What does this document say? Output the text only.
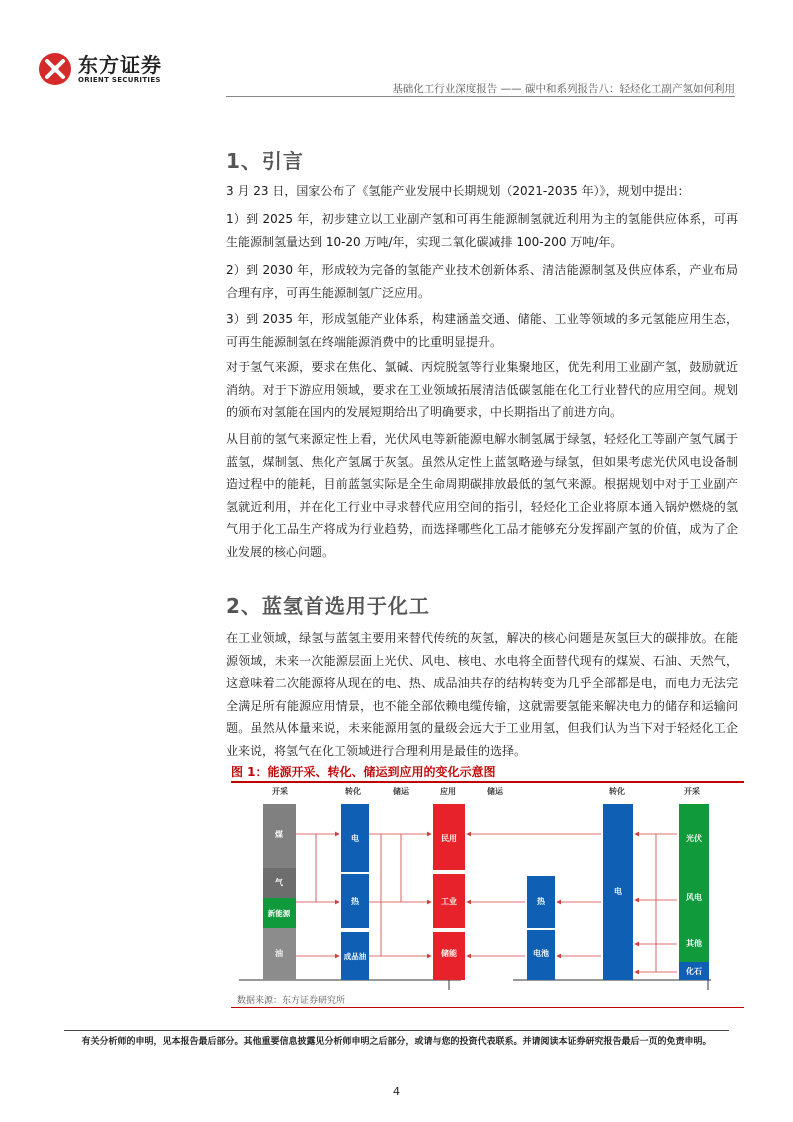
东方证券
ORIENT SECURITIES
基础化工行业深度报告 —— 碳中和系列报告八：轻烃化工副产氢如何利用
1、引言

3 月 23 日，国家公布了《氢能产业发展中长期规划（2021-2035 年）》，规划中提出：

1）到 2025 年，初步建立以工业副产氢和可再生能源制氢就近利用为主的氢能供应体系，可再生能源制氢量达到 10-20 万吨/年，实现二氧化碳减排 100-200 万吨/年。

2）到 2030 年，形成较为完备的氢能产业技术创新体系、清洁能源制氢及供应体系，产业布局合理有序，可再生能源制氢广泛应用。

3）到 2035 年，形成氢能产业体系，构建涵盖交通、储能、工业等领域的多元氢能应用生态，可再生能源制氢在终端能源消费中的比重明显提升。

对于氢气来源，要求在焦化、氯碱、丙烷脱氢等行业集聚地区，优先利用工业副产氢，鼓励就近消纳。对于下游应用领域，要求在工业领域拓展清洁低碳氢能在化工行业替代的应用空间。规划的颁布对氢能在国内的发展短期给出了明确要求，中长期指出了前进方向。

从目前的氢气来源定性上看，光伏风电等新能源电解水制氢属于绿氢，轻烃化工等副产氢气属于蓝氢，煤制氢、焦化产氢属于灰氢。虽然从定性上蓝氢略逊与绿氢，但如果考虑光伏风电设备制造过程中的能耗，目前蓝氢实际是全生命周期碳排放最低的氢气来源。根据规划中对于工业副产氢就近利用，并在化工行业中寻求替代应用空间的指引，轻烃化工企业将原本通入锅炉燃烧的氢气用于化工品生产将成为行业趋势，而选择哪些化工品才能够充分发挥副产氢的价值，成为了企业发展的核心问题。

2、蓝氢首选用于化工

在工业领域，绿氢与蓝氢主要用来替代传统的灰氢，解决的核心问题是灰氢巨大的碳排放。在能源领域，未来一次能源层面上光伏、风电、核电、水电将全面替代现有的煤炭、石油、天然气，这意味着二次能源将从现在的电、热、成品油共存的结构转变为几乎全部都是电，而电力无法完全满足所有能源应用情景，也不能全部依赖电缆传输，这就需要氢能来解决电力的储存和运输问题。虽然从体量来说，未来能源用氢的量级会远大于工业用氢，但我们认为当下对于轻烃化工企业来说，将氢气在化工领域进行合理利用是最佳的选择。

图 1：能源开采、转化、储运到应用的变化示意图
开采	转化	储运	应用	储运	转化	开采
煤
气
新能源
油
电
热
成品油
民用
工业
储能
热
电池
电
光伏
风电
其他
化石
数据来源：东方证券研究所
有关分析师的申明，见本报告最后部分。其他重要信息披露见分析师申明之后部分，或请与您的投资代表联系。并请阅读本证券研究报告最后一页的免责申明。
4
